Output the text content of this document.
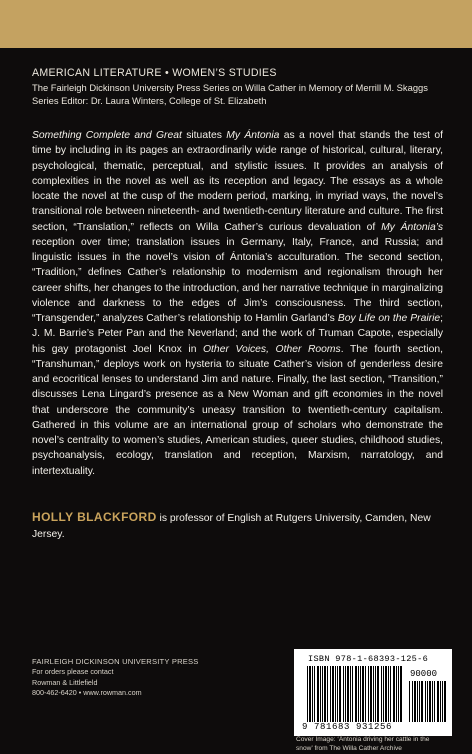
AMERICAN LITERATURE • WOMEN’S STUDIES
The Fairleigh Dickinson University Press Series on Willa Cather in Memory of Merrill M. Skaggs
Series Editor: Dr. Laura Winters, College of St. Elizabeth

Something Complete and Great situates My Ántonia as a novel that stands the test of time by including in its pages an extraordinarily wide range of historical, cultural, literary, psychological, thematic, perceptual, and stylistic issues. It provides an analysis of complexities in the novel as well as its reception and legacy. The essays as a whole locate the novel at the cusp of the modern period, marking, in myriad ways, the novel’s transitional role between nineteenth- and twentieth-century literature and culture. The first section, “Translation,” reflects on Willa Cather’s curious devaluation of My Ántonia’s reception over time; translation issues in Germany, Italy, France, and Russia; and linguistic issues in the novel’s vision of Ántonia’s acculturation. The second section, “Tradition,” defines Cather’s relationship to modernism and regionalism through her career shifts, her changes to the introduction, and her narrative technique in marginalizing violence and darkness to the edges of Jim’s consciousness. The third section, “Transgender,” analyzes Cather’s relationship to Hamlin Garland’s Boy Life on the Prairie; J. M. Barrie’s Peter Pan and the Neverland; and the work of Truman Capote, especially his gay protagonist Joel Knox in Other Voices, Other Rooms. The fourth section, “Transhuman,” deploys work on hysteria to situate Cather’s vision of genderless desire and ecocritical lenses to understand Jim and nature. Finally, the last section, “Transition,” discusses Lena Lingard’s presence as a New Woman and gift economies in the novel that underscore the community’s uneasy transition to twentieth-century capitalism. Gathered in this volume are an international group of scholars who demonstrate the novel’s centrality to women’s studies, American studies, queer studies, childhood studies, psychoanalysis, ecology, translation and reception, Marxism, narratology, and intertextuality.

HOLLY BLACKFORD is professor of English at Rutgers University, Camden, New Jersey.
FAIRLEIGH DICKINSON UNIVERSITY PRESS
For orders please contact
Rowman & Littlefield
800-462-6420 • www.rowman.com
ISBN 978-1-68393-125-6
90000
9 781683 931256
Cover Image: ‘Ántonia driving her cattle in the
snow’ from The Willa Cather Archive
